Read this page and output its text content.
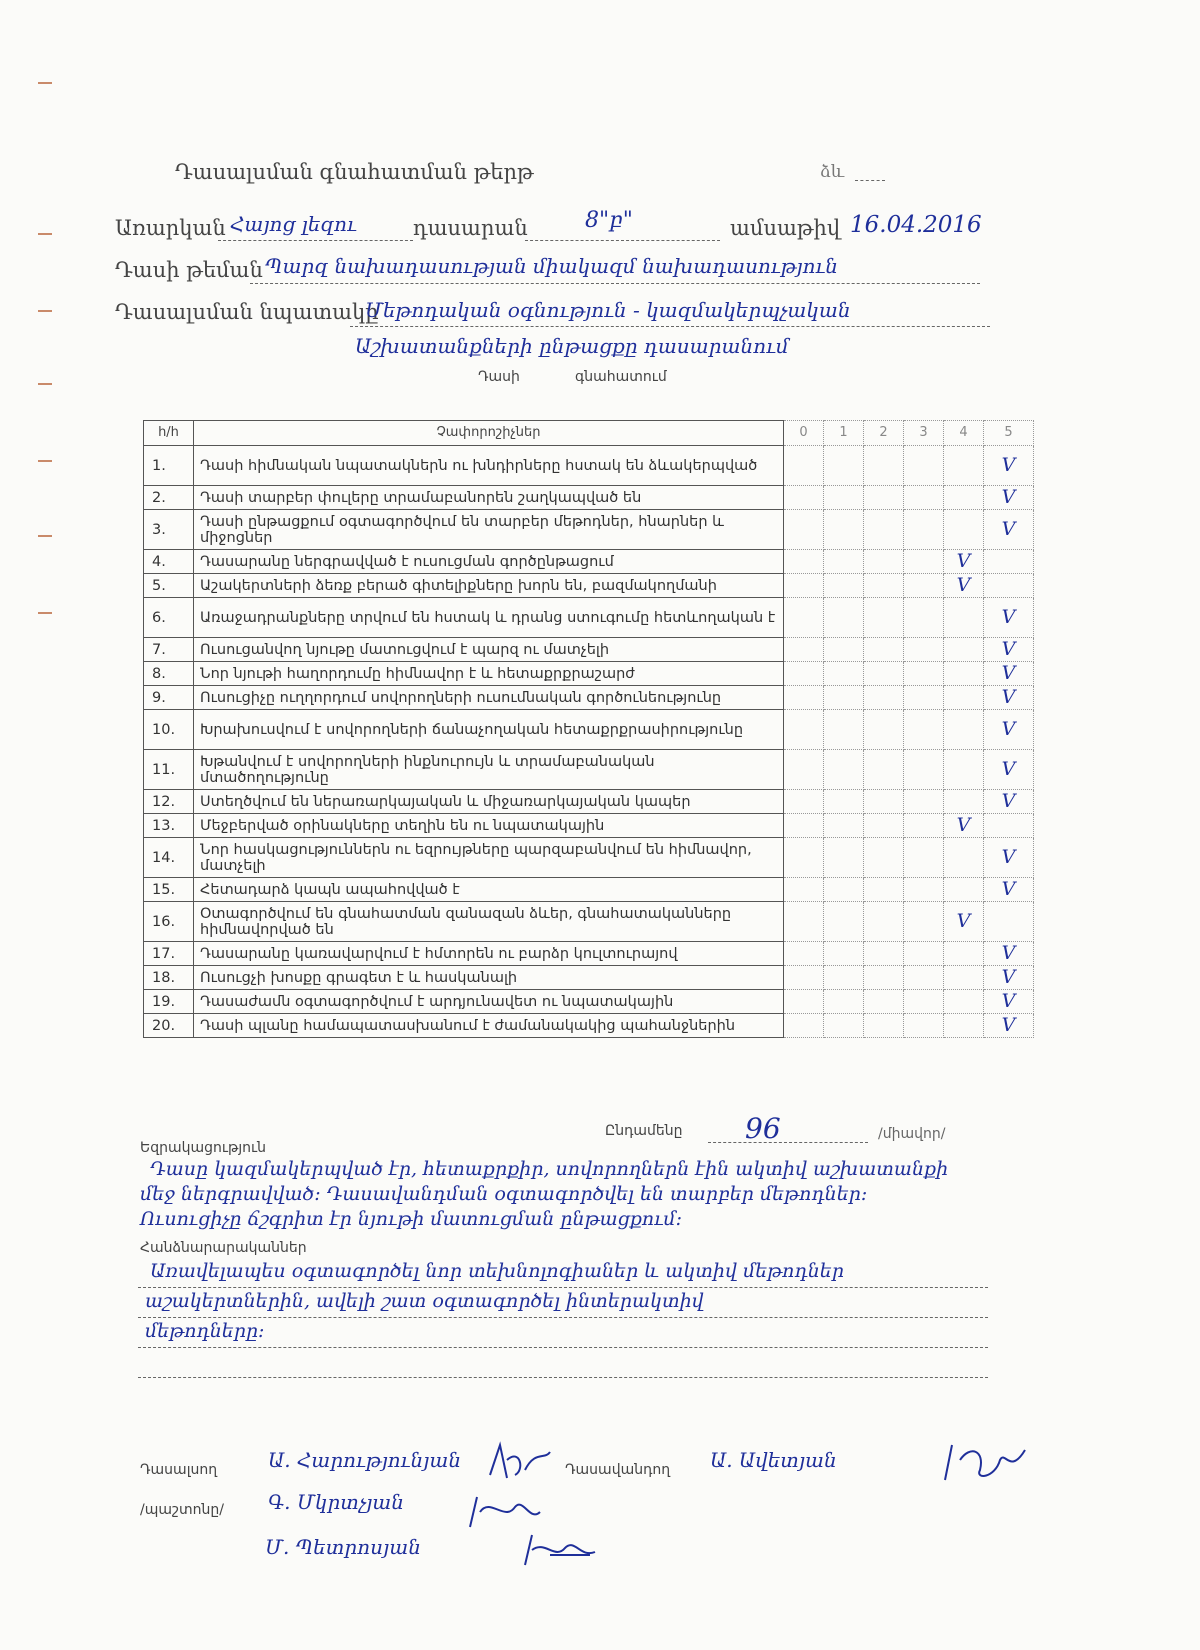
Դասալսման գնահատման թերթ	ձև
Առարկան Հայոց լեզու	դասարան	8"բ"	ամսաթիվ 16.04.2016
Դասի թեման Պարզ նախադասության միակազմ նախադասություն
Դասալսման նպատակը
Մեթոդական օգնություն - կազմակերպչական
Աշխատանքների ընթացքը դասարանում
Դասի	գնահատում
հ/հ	Չափորոշիչներ	0	1	2	3	4	5
1.	Դասի հիմնական նպատակներն ու խնդիրները հստակ են ձևակերպված						V
2.	Դասի տարբեր փուլերը տրամաբանորեն շաղկապված են						V
3.	Դասի ընթացքում օգտագործվում են տարբեր մեթոդներ, հնարներ և միջոցներ						V
4.	Դասարանը ներգրավված է ուսուցման գործընթացում					V	
5.	Աշակերտների ձեռք բերած գիտելիքները խորն են, բազմակողմանի					V	
6.	Առաջադրանքները տրվում են հստակ և դրանց ստուգումը հետևողական է						V
7.	Ուսուցանվող նյութը մատուցվում է պարզ ու մատչելի						V
8.	Նոր նյութի հաղորդումը հիմնավոր է և հետաքրքրաշարժ						V
9.	Ուսուցիչը ուղղորդում սովորողների ուսումնական գործունեությունը						V
10.	Խրախուսվում է սովորողների ճանաչողական հետաքրքրասիրությունը						V
11.	Խթանվում է սովորողների ինքնուրույն և տրամաբանական մտածողությունը						V
12.	Ստեղծվում են ներառարկայական և միջառարկայական կապեր						V
13.	Մեջբերված օրինակները տեղին են ու նպատակային					V	
14.	Նոր հասկացություններն ու եզրույթները պարզաբանվում են հիմնավոր, մատչելի						V
15.	Հետադարձ կապն ապահովված է						V
16.	Օտագործվում են գնահատման զանազան ձևեր, գնահատականները հիմնավորված են					V	
17.	Դասարանը կառավարվում է հմտորեն ու բարձր կուլտուրայով						V
18.	Ուսուցչի խոսքը գրագետ է և հասկանալի						V
19.	Դասաժամն օգտագործվում է արդյունավետ ու նպատակային						V
20.	Դասի պլանը համապատասխանում է ժամանակակից պահանջներին						V
Ընդամենը 96	/միավոր/
Եզրակացություն
Դասը կազմակերպված էր, հետաքրքիր, սովորողներն էին ակտիվ աշխատանքի
մեջ ներգրավված: Դասավանդման օգտագործվել են տարբեր մեթոդներ:
Ուսուցիչը ճշգրիտ էր նյութի մատուցման ընթացքում:
Հանձնարարականներ
Առավելապես օգտագործել նոր տեխնոլոգիաներ և ակտիվ մեթոդներ
աշակերտներին, ավելի շատ օգտագործել ինտերակտիվ
մեթոդները:
Դասալսող	Ա. Հարությունյան	Դասավանդող Ա. Ավետյան
/պաշտոնը/ Գ. Մկրտչյան
Մ. Պետրոսյան
